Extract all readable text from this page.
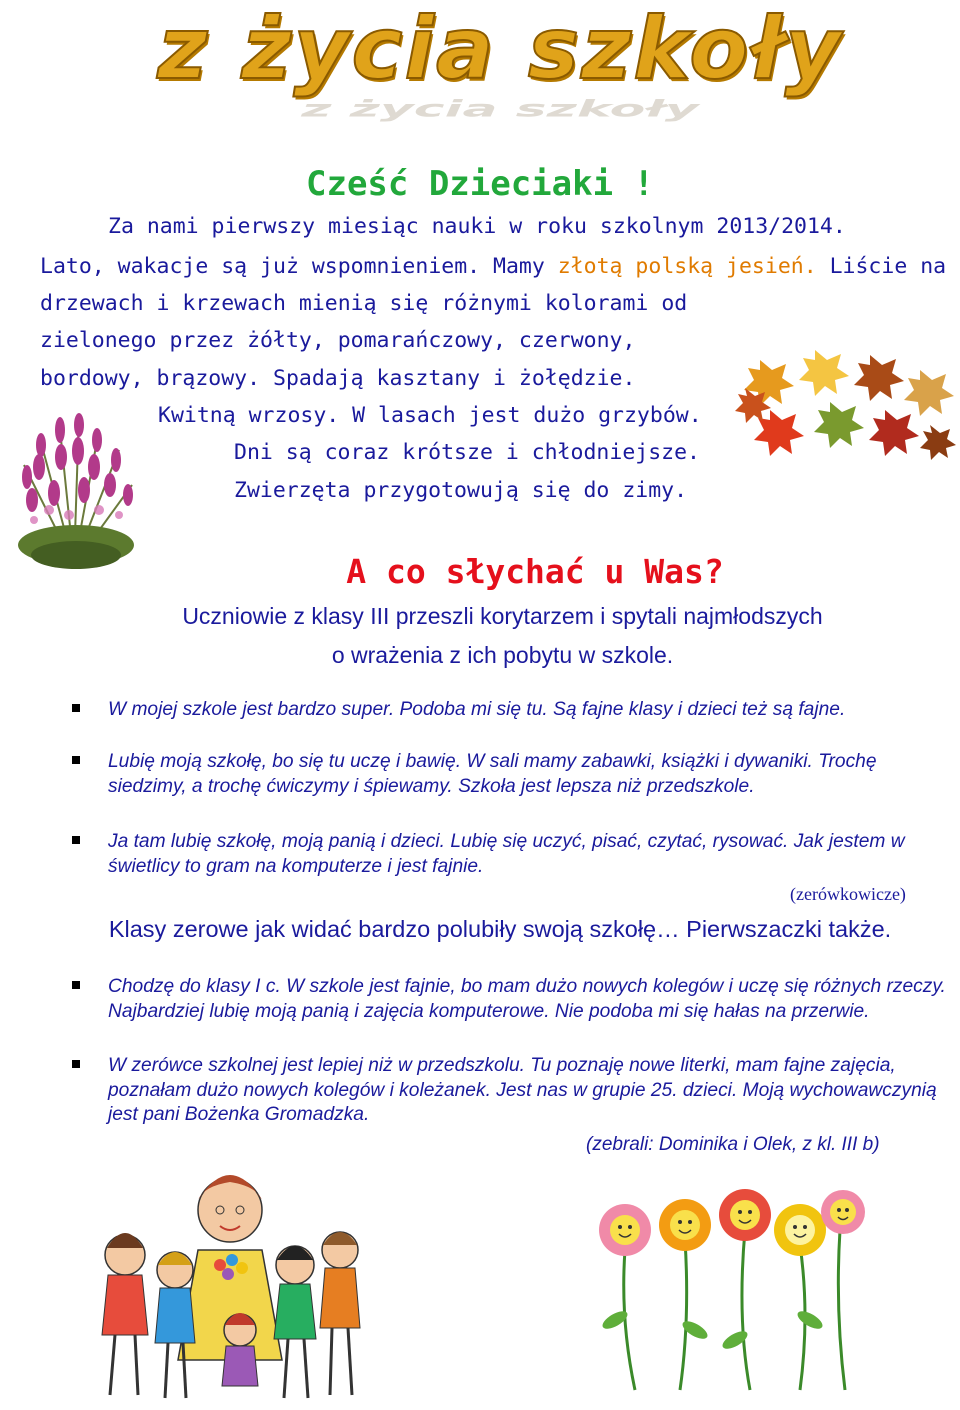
z życia szkoły
z życia szkoły
Cześć Dzieciaki !
Za nami pierwszy miesiąc nauki w roku szkolnym 2013/2014.
Lato, wakacje są już wspomnieniem. Mamy złotą polską jesień. Liście na
drzewach i krzewach mienią się różnymi kolorami od
zielonego przez żółty, pomarańczowy, czerwony,
bordowy, brązowy. Spadają kasztany i żołędzie.
Kwitną wrzosy. W lasach jest dużo grzybów.
Dni są coraz krótsze i chłodniejsze.
Zwierzęta przygotowują się do zimy.
A co słychać u Was?
Uczniowie z klasy III przeszli korytarzem i spytali najmłodszych
o wrażenia z ich pobytu w szkole.
W mojej szkole jest bardzo super. Podoba mi się tu. Są fajne klasy i dzieci też są fajne.
Lubię moją szkołę, bo się tu uczę i bawię. W sali mamy zabawki, książki i dywaniki. Trochę siedzimy, a trochę ćwiczymy i śpiewamy. Szkoła jest lepsza niż przedszkole.
Ja tam lubię szkołę, moją panią i dzieci. Lubię się uczyć, pisać, czytać, rysować. Jak jestem w świetlicy to gram na komputerze i jest fajnie.
(zerówkowicze)
Klasy zerowe jak widać bardzo polubiły swoją szkołę… Pierwszaczki także.
Chodzę do klasy I c. W szkole jest fajnie, bo mam dużo nowych kolegów i uczę się różnych rzeczy. Najbardziej lubię moją panią i zajęcia komputerowe. Nie podoba mi się hałas na przerwie.
W zerówce szkolnej jest lepiej niż w przedszkolu. Tu poznaję nowe literki, mam fajne zajęcia, poznałam dużo nowych kolegów i koleżanek. Jest nas w grupie 25. dzieci. Moją wychowawczynią jest pani Bożenka Gromadzka.
(zebrali: Dominika i Olek, z kl. III b)
